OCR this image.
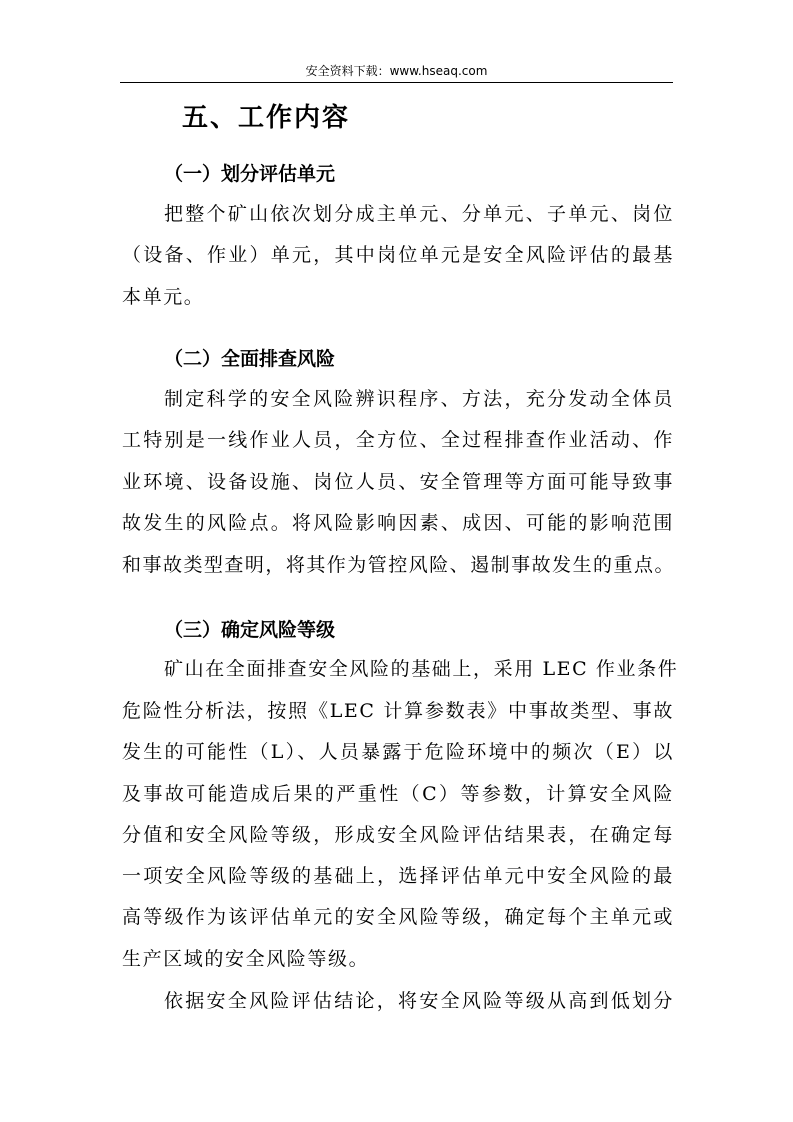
安全资料下载：www.hseaq.com
五、工作内容
（一）划分评估单元
把整个矿山依次划分成主单元、分单元、子单元、岗位
（设备、作业）单元，其中岗位单元是安全风险评估的最基
本单元。
（二）全面排查风险
制定科学的安全风险辨识程序、方法，充分发动全体员
工特别是一线作业人员，全方位、全过程排查作业活动、作
业环境、设备设施、岗位人员、安全管理等方面可能导致事
故发生的风险点。将风险影响因素、成因、可能的影响范围
和事故类型查明，将其作为管控风险、遏制事故发生的重点。
（三）确定风险等级
矿山在全面排查安全风险的基础上，采用 LEC 作业条件
危险性分析法，按照《LEC 计算参数表》中事故类型、事故
发生的可能性（L）、人员暴露于危险环境中的频次（E）以
及事故可能造成后果的严重性（C）等参数，计算安全风险
分值和安全风险等级，形成安全风险评估结果表，在确定每
一项安全风险等级的基础上，选择评估单元中安全风险的最
高等级作为该评估单元的安全风险等级，确定每个主单元或
生产区域的安全风险等级。
依据安全风险评估结论，将安全风险等级从高到低划分
